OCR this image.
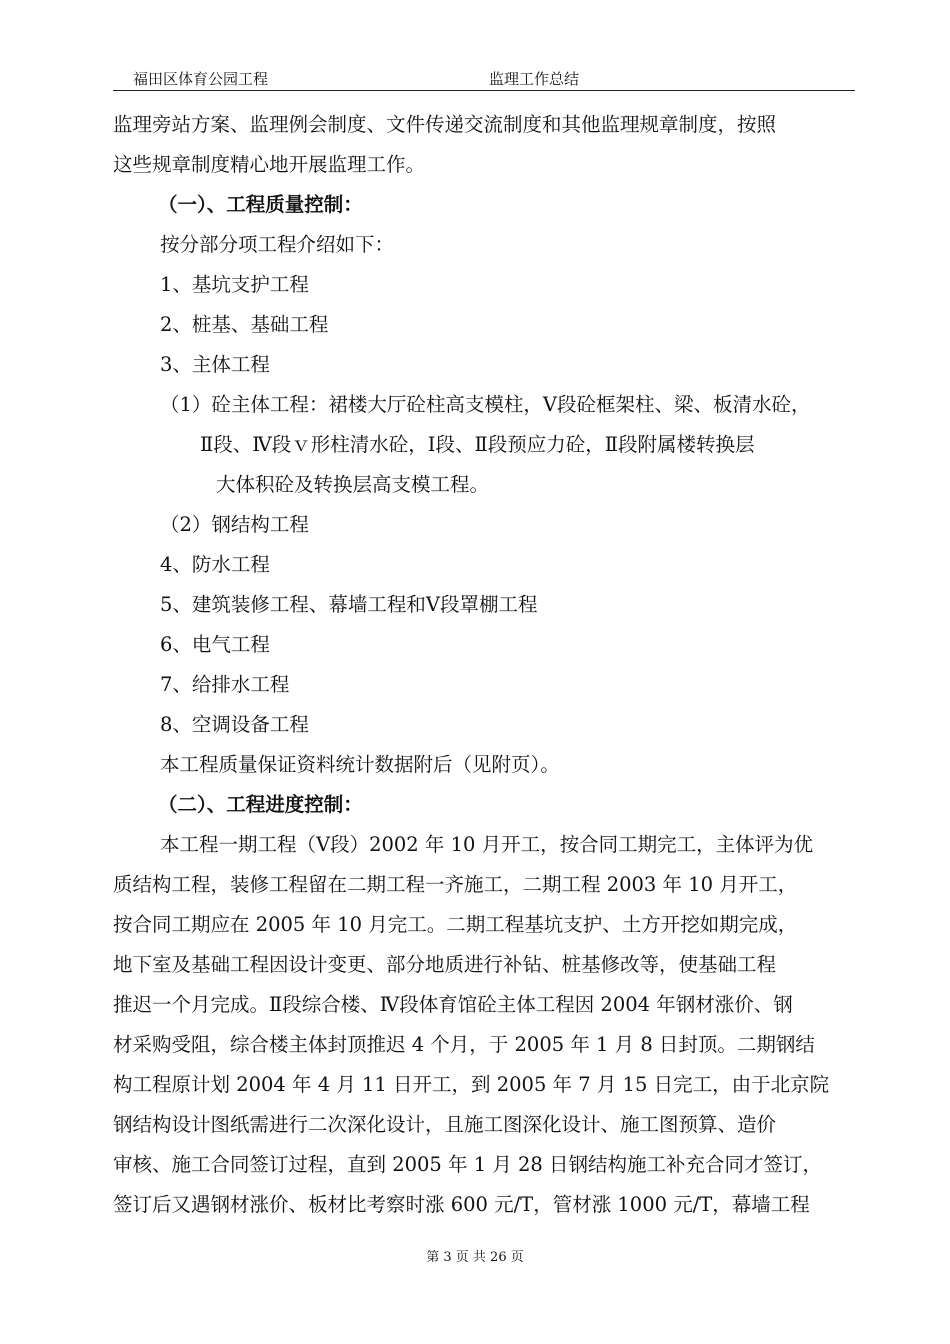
福田区体育公园工程	监理工作总结
监理旁站方案、监理例会制度、文件传递交流制度和其他监理规章制度，按照
这些规章制度精心地开展监理工作。
（一）、工程质量控制：
按分部分项工程介绍如下：
1、基坑支护工程
2、桩基、基础工程
3、主体工程
（1）砼主体工程：裙楼大厅砼柱高支模柱，Ⅴ段砼框架柱、梁、板清水砼，
Ⅱ段、Ⅳ段ｖ形柱清水砼，Ⅰ段、Ⅱ段预应力砼，Ⅱ段附属楼转换层
大体积砼及转换层高支模工程。
（2）钢结构工程
4、防水工程
5、建筑装修工程、幕墙工程和Ⅴ段罩棚工程
6、电气工程
7、给排水工程
8、空调设备工程
本工程质量保证资料统计数据附后（见附页）。
（二）、工程进度控制：
本工程一期工程（Ⅴ段）2002 年 10 月开工，按合同工期完工，主体评为优
质结构工程，装修工程留在二期工程一齐施工，二期工程 2003 年 10 月开工，
按合同工期应在 2005 年 10 月完工。二期工程基坑支护、土方开挖如期完成，
地下室及基础工程因设计变更、部分地质进行补钻、桩基修改等，使基础工程
推迟一个月完成。Ⅱ段综合楼、Ⅳ段体育馆砼主体工程因 2004 年钢材涨价、钢
材采购受阻，综合楼主体封顶推迟 4 个月，于 2005 年 1 月 8 日封顶。二期钢结
构工程原计划 2004 年 4 月 11 日开工，到 2005 年 7 月 15 日完工，由于北京院
钢结构设计图纸需进行二次深化设计，且施工图深化设计、施工图预算、造价
审核、施工合同签订过程，直到 2005 年 1 月 28 日钢结构施工补充合同才签订，
签订后又遇钢材涨价、板材比考察时涨 600 元/T，管材涨 1000 元/T，幕墙工程
第 3 页 共 26 页
